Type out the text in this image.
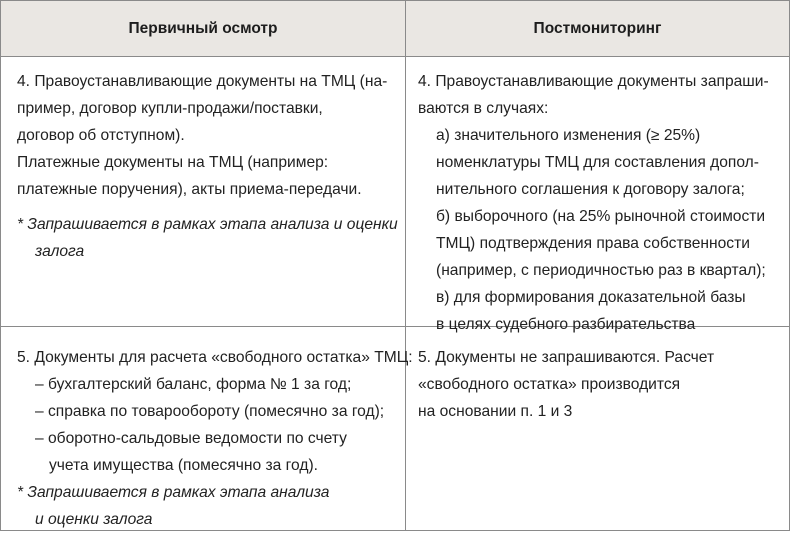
Первичный осмотр	Постмониторинг
4. Правоустанавливающие документы на ТМЦ (на-
пример, договор купли-продажи/поставки,
договор об отступном).
Платежные документы на ТМЦ (например:
платежные поручения), акты приема-передачи.
* Запрашивается в рамках этапа анализа и оценки
залога
4. Правоустанавливающие документы запраши-
ваются в случаях:
а) значительного изменения (≥ 25%)
номенклатуры ТМЦ для составления допол-
нительного соглашения к договору залога;
б) выборочного (на 25% рыночной стоимости
ТМЦ) подтверждения права собственности
(например, с периодичностью раз в квартал);
в) для формирования доказательной базы
в целях судебного разбирательства
5. Документы для расчета «свободного остатка» ТМЦ:
– бухгалтерский баланс, форма № 1 за год;
– справка по товарообороту (помесячно за год);
– оборотно-сальдовые ведомости по счету
учета имущества (помесячно за год).
* Запрашивается в рамках этапа анализа
и оценки залога
5. Документы не запрашиваются. Расчет
«свободного остатка» производится
на основании п. 1 и 3
